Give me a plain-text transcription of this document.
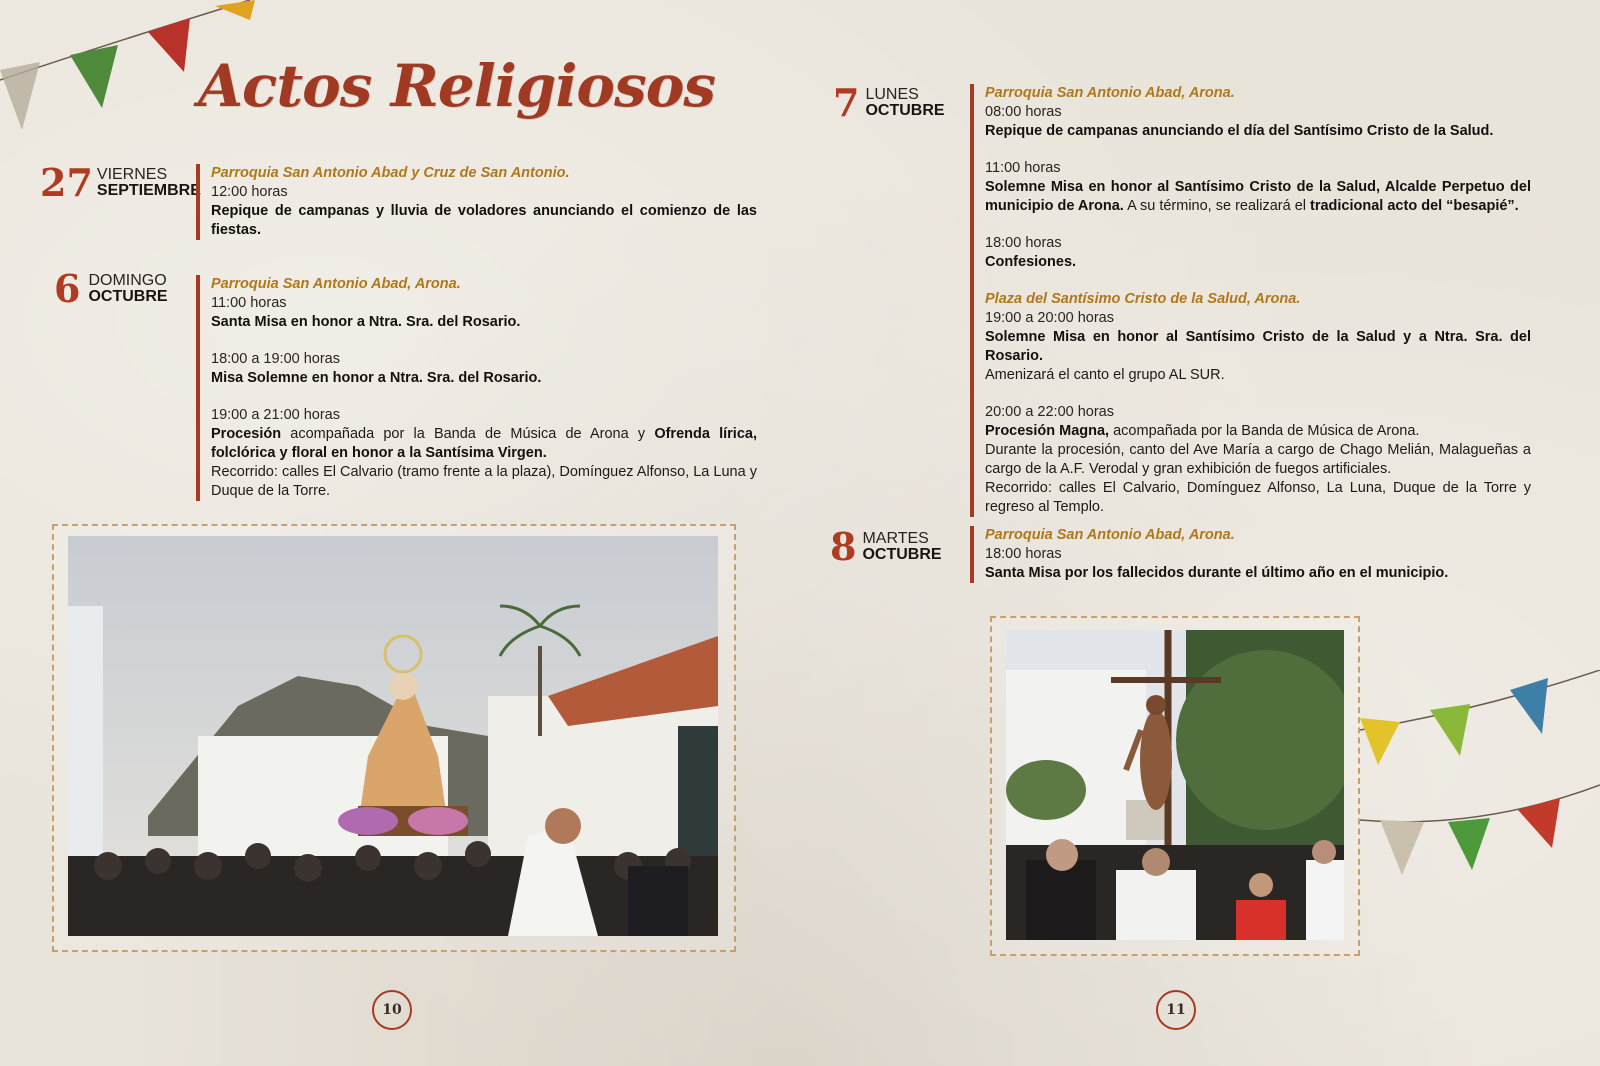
Actos Religiosos
27 VIERNES
SEPTIEMBRE

Parroquia San Antonio Abad y Cruz de San Antonio.

12:00 horas

Repique de campanas y lluvia de voladores anunciando el comienzo de las fiestas.

6 DOMINGO
OCTUBRE

Parroquia San Antonio Abad, Arona.

11:00 horas

Santa Misa en honor a Ntra. Sra. del Rosario.

18:00 a 19:00 horas

Misa Solemne en honor a Ntra. Sra. del Rosario.

19:00 a 21:00 horas

Procesión acompañada por la Banda de Música de Arona y Ofrenda lírica, folclórica y floral en honor a la Santísima Virgen.

Recorrido: calles El Calvario (tramo frente a la plaza), Domínguez Alfonso, La Luna y Duque de la Torre.

7 LUNES
OCTUBRE

Parroquia San Antonio Abad, Arona.

08:00 horas

Repique de campanas anunciando el día del Santísimo Cristo de la Salud.

11:00 horas

Solemne Misa en honor al Santísimo Cristo de la Salud, Alcalde Perpetuo del municipio de Arona. A su término, se realizará el tradicional acto del “besapié”.

18:00 horas

Confesiones.

Plaza del Santísimo Cristo de la Salud, Arona.

19:00 a 20:00 horas

Solemne Misa en honor al Santísimo Cristo de la Salud y a Ntra. Sra. del Rosario.

Amenizará el canto el grupo AL SUR.

20:00 a 22:00 horas

Procesión Magna, acompañada por la Banda de Música de Arona.

Durante la procesión, canto del Ave María a cargo de Chago Melián, Malagueñas a cargo de la A.F. Verodal y gran exhibición de fuegos artificiales.

Recorrido: calles El Calvario, Domínguez Alfonso, La Luna, Duque de la Torre y regreso al Templo.

8 MARTES
OCTUBRE

Parroquia San Antonio Abad, Arona.

18:00 horas

Santa Misa por los fallecidos durante el último año en el municipio.

10	11
